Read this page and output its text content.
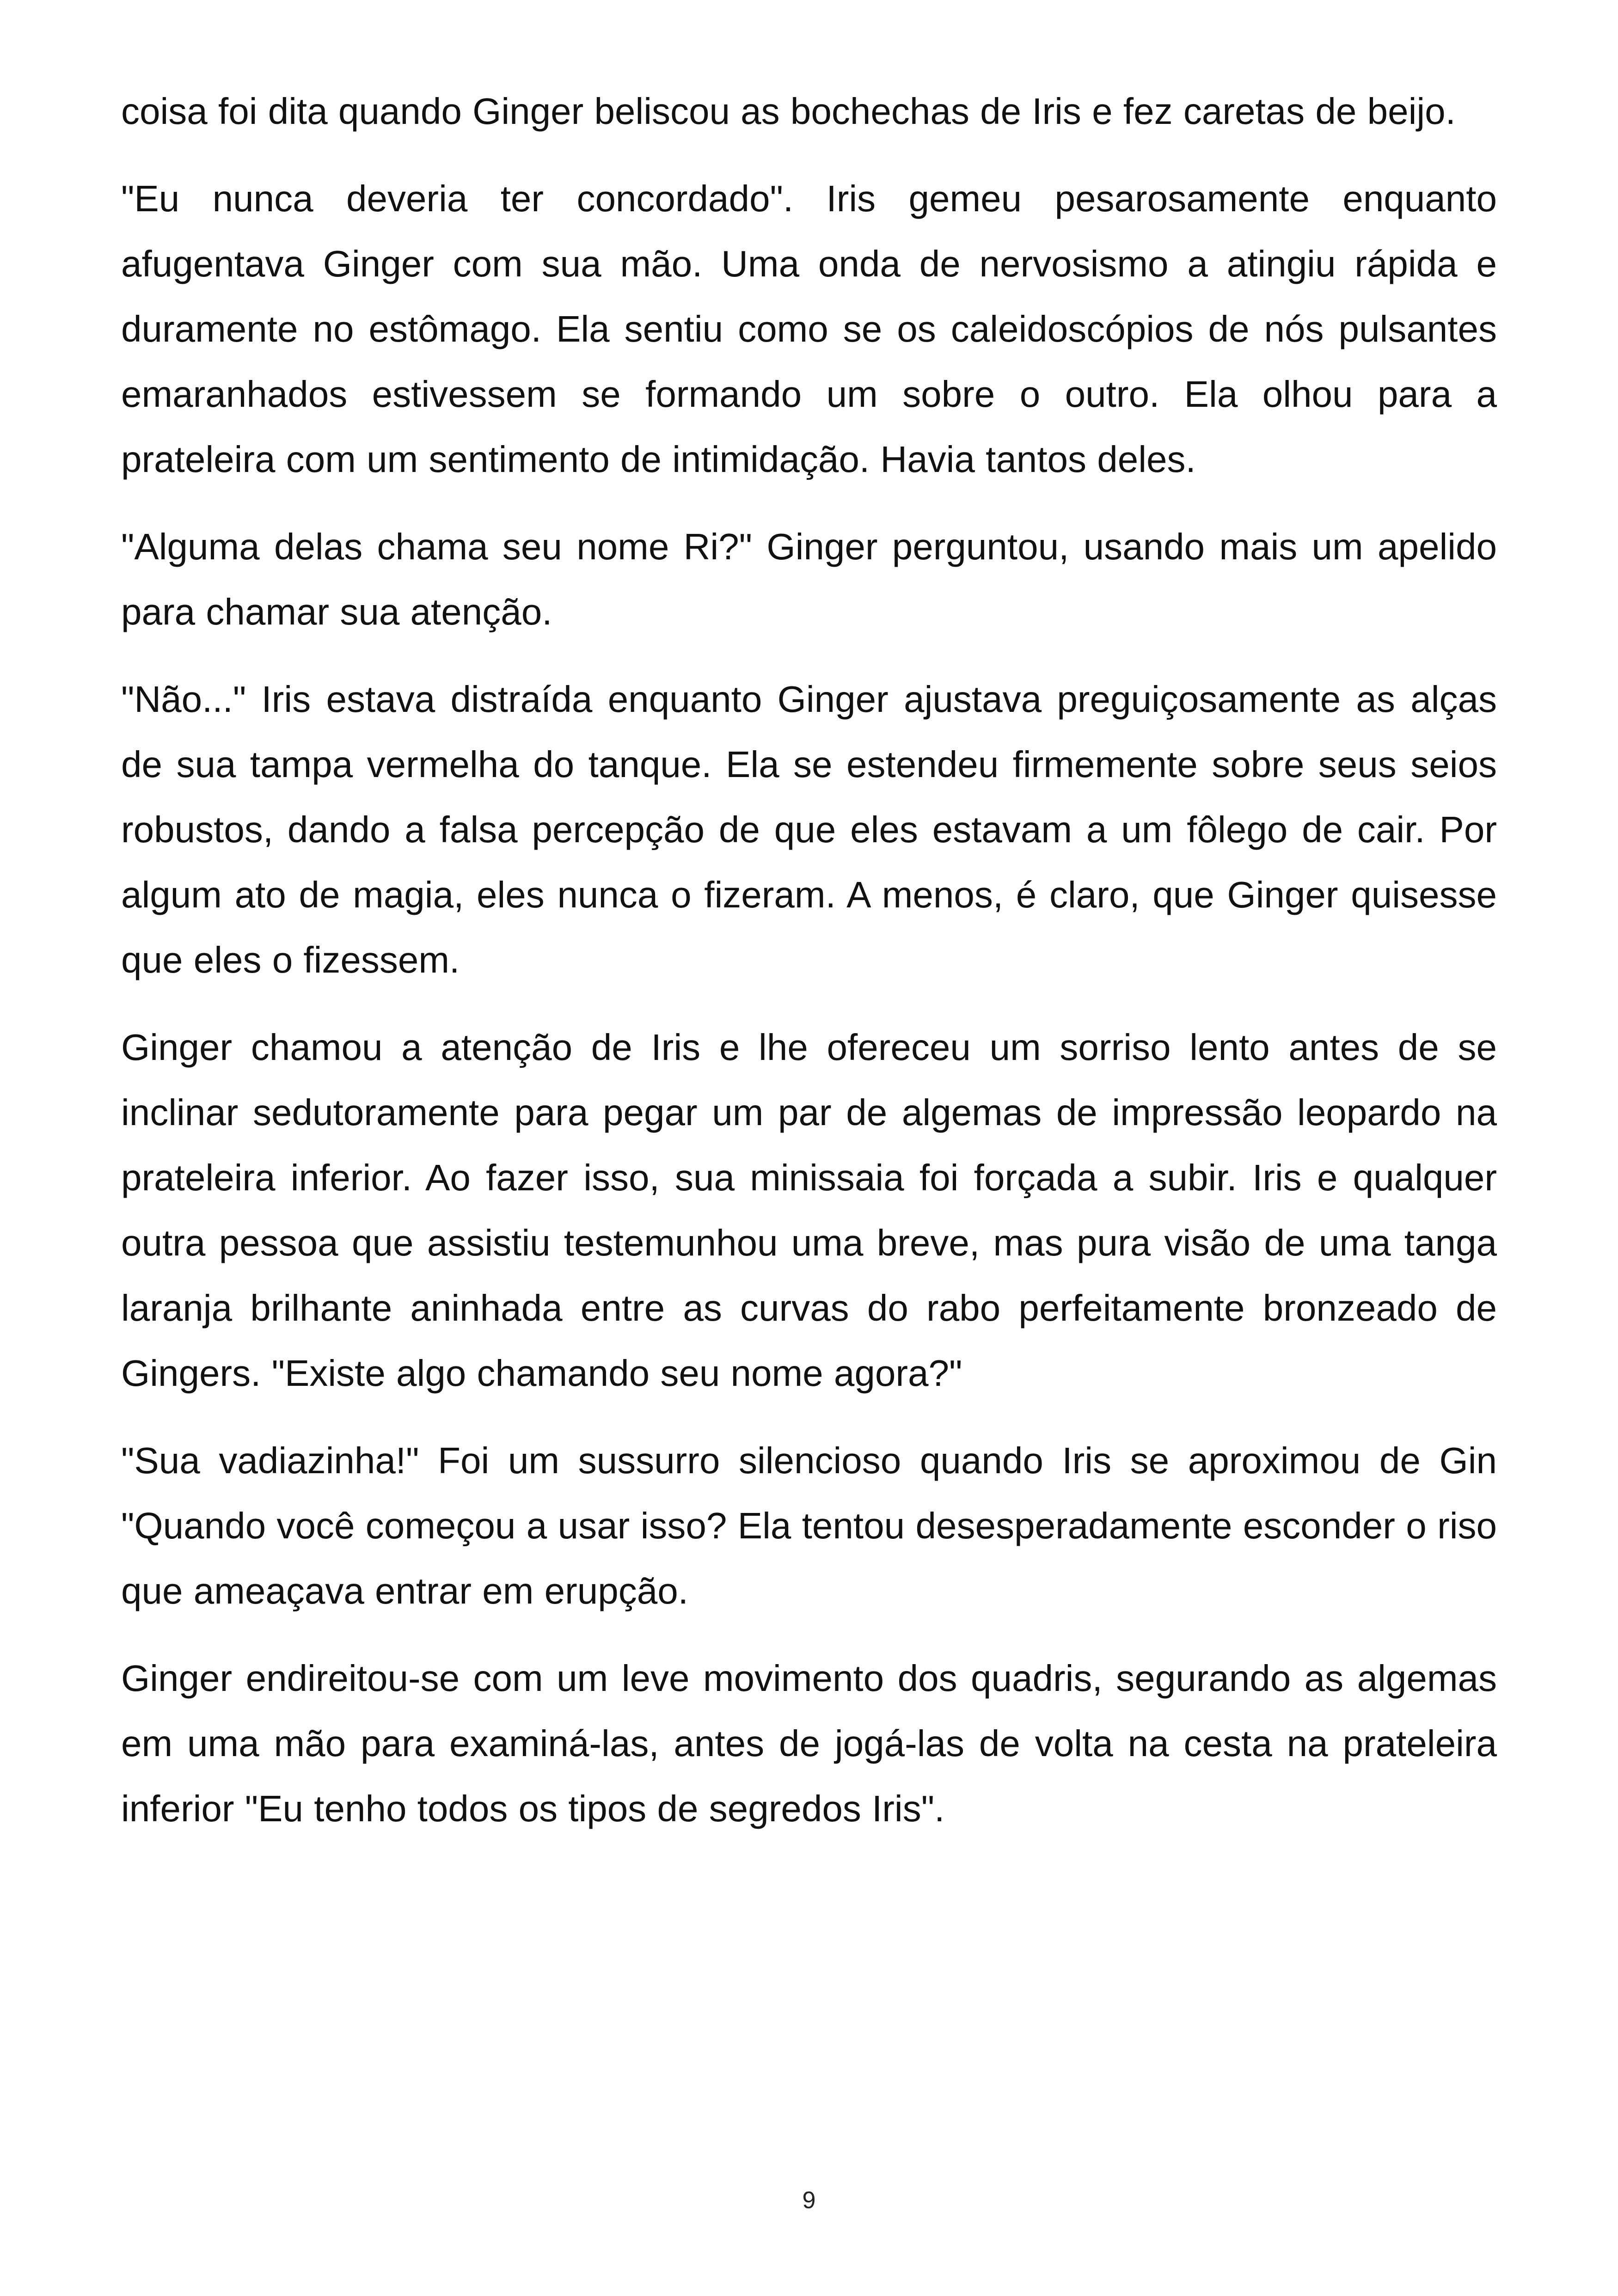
coisa foi dita quando Ginger beliscou as bochechas de Iris e fez caretas de beijo.

"Eu nunca deveria ter concordado". Iris gemeu pesarosamente enquanto afugentava Ginger com sua mão. Uma onda de nervosismo a atingiu rápida e duramente no estômago. Ela sentiu como se os caleidoscópios de nós pulsantes emaranhados estivessem se formando um sobre o outro. Ela olhou para a prateleira com um sentimento de intimidação. Havia tantos deles.

"Alguma delas chama seu nome Ri?" Ginger perguntou, usando mais um apelido para chamar sua atenção.

"Não..." Iris estava distraída enquanto Ginger ajustava preguiçosamente as alças de sua tampa vermelha do tanque. Ela se estendeu firmemente sobre seus seios robustos, dando a falsa percepção de que eles estavam a um fôlego de cair. Por algum ato de magia, eles nunca o fizeram. A menos, é claro, que Ginger quisesse que eles o fizessem.

Ginger chamou a atenção de Iris e lhe ofereceu um sorriso lento antes de se inclinar sedutoramente para pegar um par de algemas de impressão leopardo na prateleira inferior. Ao fazer isso, sua minissaia foi forçada a subir. Iris e qualquer outra pessoa que assistiu testemunhou uma breve, mas pura visão de uma tanga laranja brilhante aninhada entre as curvas do rabo perfeitamente bronzeado de Gingers. "Existe algo chamando seu nome agora?"

"Sua vadiazinha!" Foi um sussurro silencioso quando Iris se aproximou de Gin "Quando você começou a usar isso? Ela tentou desesperadamente esconder o riso que ameaçava entrar em erupção.

Ginger endireitou-se com um leve movimento dos quadris, segurando as algemas em uma mão para examiná-las, antes de jogá-las de volta na cesta na prateleira inferior "Eu tenho todos os tipos de segredos Iris".

9
